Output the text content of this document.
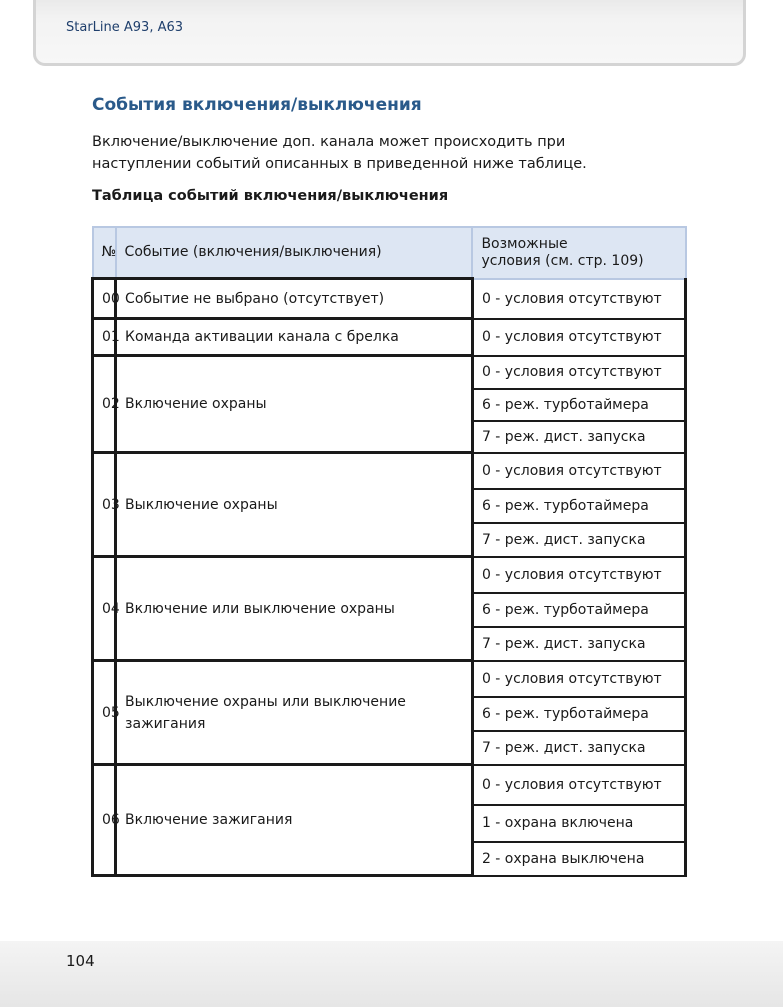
StarLine A93, A63
События включения/выключения
Включение/выключение доп. канала может происходить при
наступлении событий описанных в приведенной ниже таблице.
Таблица событий включения/выключения
№	Событие (включения/выключения)	Возможные
условия (см. стр. 109)

00	Событие не выбрано (отсутствует)	0 - условия отсутствуют
01	Команда активации канала с брелка	0 - условия отсутствуют
02	Включение охраны	0 - условия отсутствуют
		6 - реж. турботаймера
		7 - реж. дист. запуска
03	Выключение охраны	0 - условия отсутствуют
		6 - реж. турботаймера
		7 - реж. дист. запуска
04	Включение или выключение охраны	0 - условия отсутствуют
		6 - реж. турботаймера
		7 - реж. дист. запуска
05	Выключение охраны или выключение
зажигания	0 - условия отсутствуют
		6 - реж. турботаймера
		7 - реж. дист. запуска
06	Включение зажигания	0 - условия отсутствуют
		1 - охрана включена
		2 - охрана выключена
104
